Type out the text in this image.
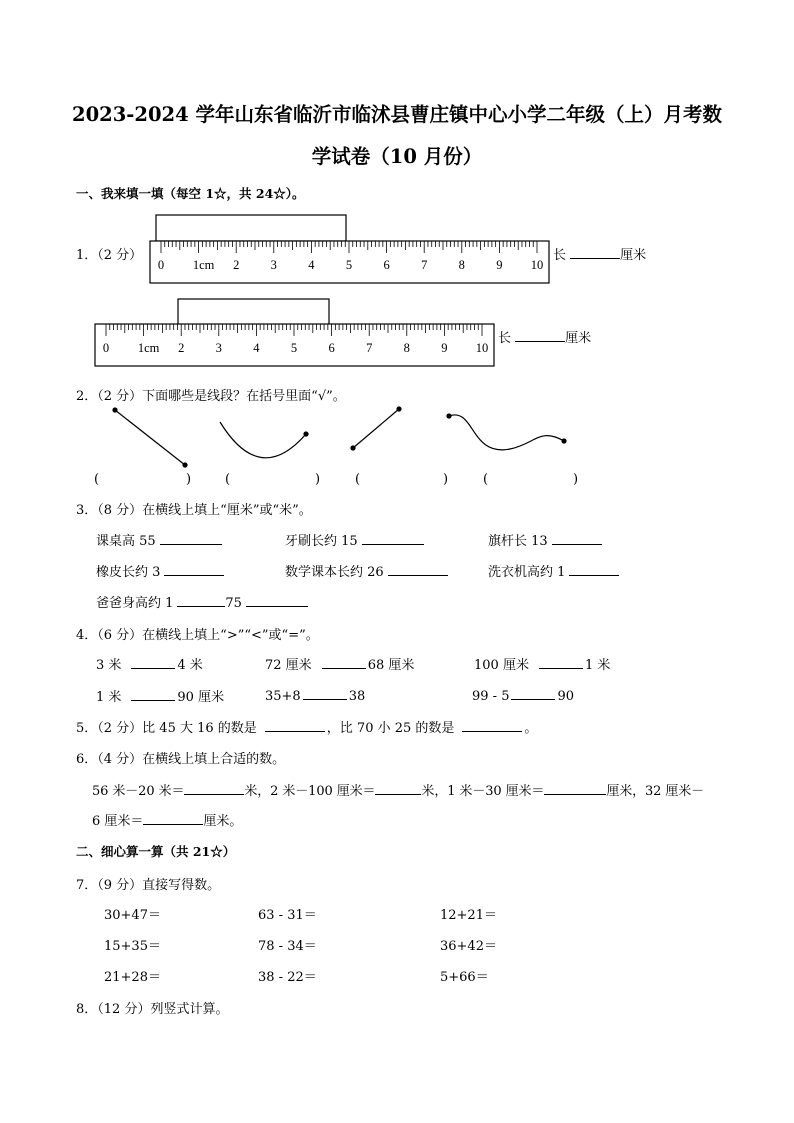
2023-2024 学年山东省临沂市临沭县曹庄镇中心小学二年级（上）月考数
学试卷（10 月份）
一、我来填一填（每空 1☆，共 24☆）。
1．（2 分）
0 1cm 2	3	4	5	6	7	8	9 10
长	厘米
0 1cm 2	3	4	5	6	7	8	9 10
长	厘米
2．（2 分）下面哪些是线段？在括号里面“√”。
(	)	(	)	(	)	(	)
3．（8 分）在横线上填上“厘米”或“米”。
课桌高 55	牙刷长约 15	旗杆长 13
橡皮长约 3	数学课本长约 26	洗衣机高约 1
爸爸身高约 1	75
4．（6 分）在横线上填上“>”“<”或“=”。
3 米	4 米	72 厘米	68 厘米	100 厘米	1 米
1 米	90 厘米	35+8	38	99 - 5	90
5．（2 分）比 45 大 16 的数是	，比 70 小 25 的数是	。
6．（4 分）在横线上填上合适的数。
56 米－20 米＝	米，2 米－100 厘米＝	米，1 米－30 厘米＝	厘米，32 厘米－
6 厘米＝	厘米。
二、细心算一算（共 21☆）
7．（9 分）直接写得数。
30+47＝	63 - 31＝	12+21＝
15+35＝	78 - 34＝	36+42＝
21+28＝	38 - 22＝	5+66＝
8．（12 分）列竖式计算。
